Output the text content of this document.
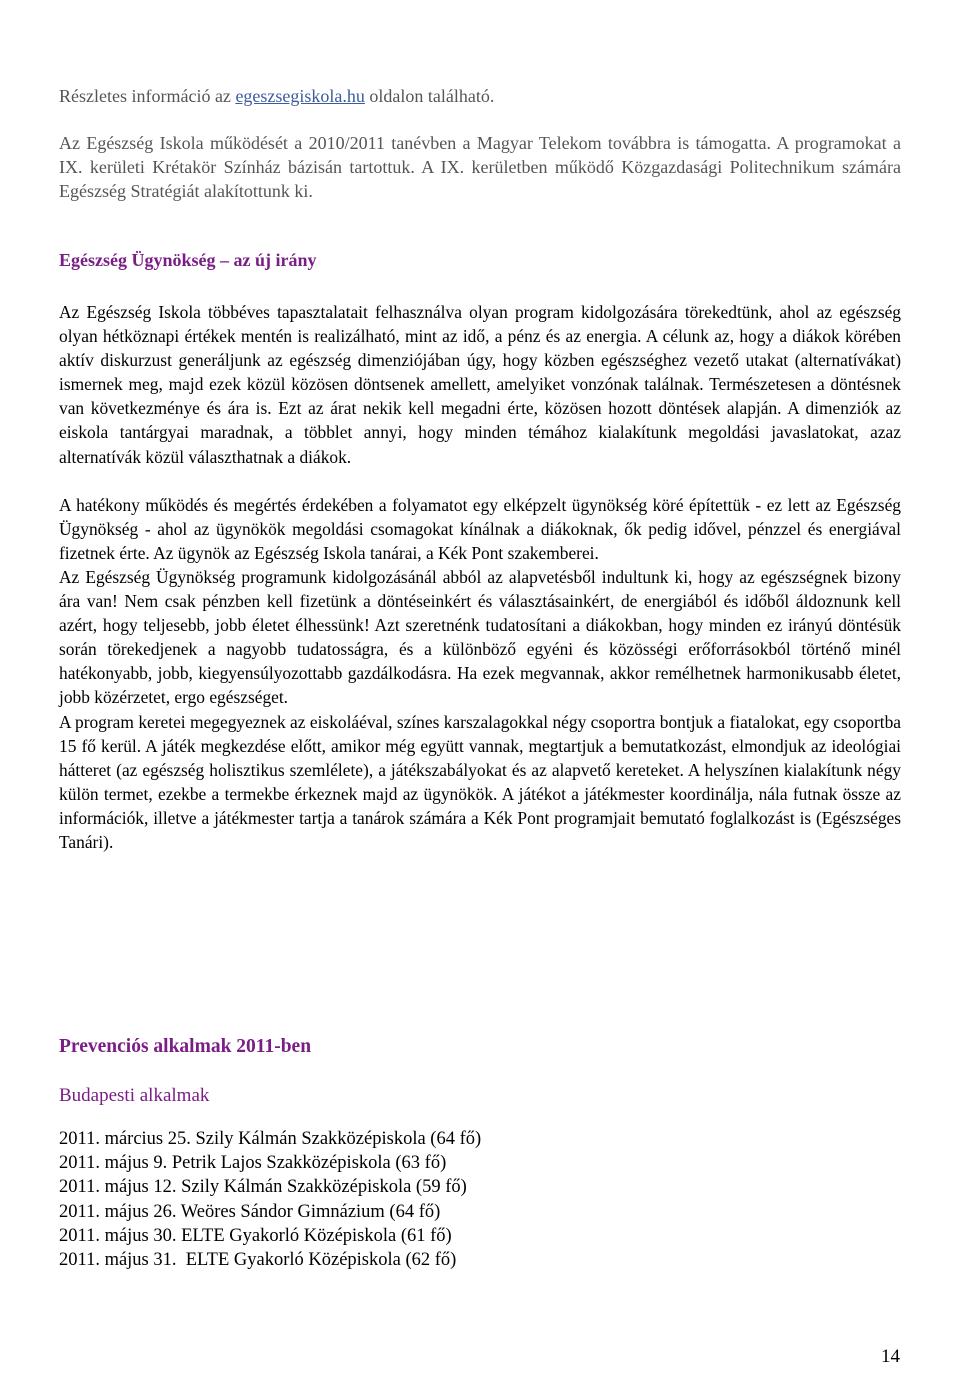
Részletes információ az egeszsegiskola.hu oldalon található.

Az Egészség Iskola működését a 2010/2011 tanévben a Magyar Telekom továbbra is támogatta. A programokat a IX. kerületi Krétakör Színház bázisán tartottuk. A IX. kerületben működő Közgazdasági Politechnikum számára Egészség Stratégiát alakítottunk ki.

Egészség Ügynökség – az új irány

Az Egészség Iskola többéves tapasztalatait felhasználva olyan program kidolgozására törekedtünk, ahol az egészség olyan hétköznapi értékek mentén is realizálható, mint az idő, a pénz és az energia. A célunk az, hogy a diákok körében aktív diskurzust generáljunk az egészség dimenziójában úgy, hogy közben egészséghez vezető utakat (alternatívákat) ismernek meg, majd ezek közül közösen döntsenek amellett, amelyiket vonzónak találnak. Természetesen a döntésnek van következménye és ára is. Ezt az árat nekik kell megadni érte, közösen hozott döntések alapján. A dimenziók az eiskola tantárgyai maradnak, a többlet annyi, hogy minden témához kialakítunk megoldási javaslatokat, azaz alternatívák közül választhatnak a diákok.

A hatékony működés és megértés érdekében a folyamatot egy elképzelt ügynökség köré építettük - ez lett az Egészség Ügynökség - ahol az ügynökök megoldási csomagokat kínálnak a diákoknak, ők pedig idővel, pénzzel és energiával fizetnek érte. Az ügynök az Egészség Iskola tanárai, a Kék Pont szakemberei.

Az Egészség Ügynökség programunk kidolgozásánál abból az alapvetésből indultunk ki, hogy az egészségnek bizony ára van! Nem csak pénzben kell fizetünk a döntéseinkért és választásainkért, de energiából és időből áldoznunk kell azért, hogy teljesebb, jobb életet élhessünk! Azt szeretnénk tudatosítani a diákokban, hogy minden ez irányú döntésük során törekedjenek a nagyobb tudatosságra, és a különböző egyéni és közösségi erőforrásokból történő minél hatékonyabb, jobb, kiegyensúlyozottabb gazdálkodásra. Ha ezek megvannak, akkor remélhetnek harmonikusabb életet, jobb közérzetet, ergo egészséget.

A program keretei megegyeznek az eiskoláéval, színes karszalagokkal négy csoportra bontjuk a fiatalokat, egy csoportba 15 fő kerül. A játék megkezdése előtt, amikor még együtt vannak, megtartjuk a bemutatkozást, elmondjuk az ideológiai hátteret (az egészség holisztikus szemlélete), a játékszabályokat és az alapvető kereteket. A helyszínen kialakítunk négy külön termet, ezekbe a termekbe érkeznek majd az ügynökök. A játékot a játékmester koordinálja, nála futnak össze az információk, illetve a játékmester tartja a tanárok számára a Kék Pont programjait bemutató foglalkozást is (Egészséges Tanári).

Prevenciós alkalmak 2011-ben
Budapesti alkalmak
2011. március 25. Szily Kálmán Szakközépiskola (64 fő)
2011. május 9. Petrik Lajos Szakközépiskola (63 fő)
2011. május 12. Szily Kálmán Szakközépiskola (59 fő)
2011. május 26. Weöres Sándor Gimnázium (64 fő)
2011. május 30. ELTE Gyakorló Középiskola (61 fő)
2011. május 31.  ELTE Gyakorló Középiskola (62 fő)
14
